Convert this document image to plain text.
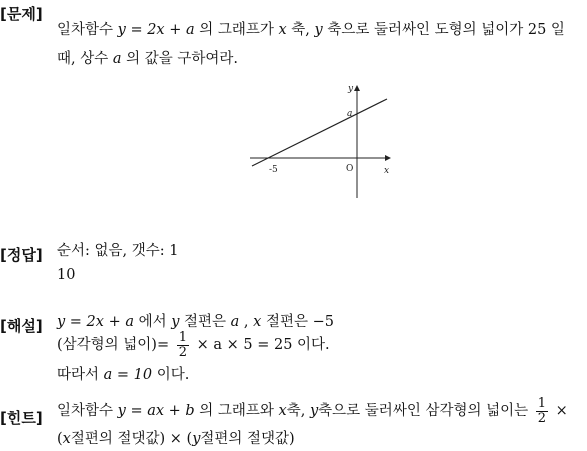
[문제]
일차함수 y = 2x + a 의 그래프가 x 축, y 축으로 둘러싸인 도형의 넓이가 25 일
때, 상수 a 의 값을 구하여라.
y
x
O
-5
a
[정답] 순서: 없음, 갯수: 1
10
[해설] y = 2x + a 에서 y 절편은 a , x 절편은 −5
(삼각형의 넓이)= $\frac{1}{2} \times a \times 5 = 25$ 이다.
따라서 a = 10 이다.
[힌트] 일차함수 y = ax + b 의 그래프와 x축, y축으로 둘러싸인 삼각형의 넓이는 $\frac{1}{2}$ ×
(x절편의 절댓값) × (y절편의 절댓값)
